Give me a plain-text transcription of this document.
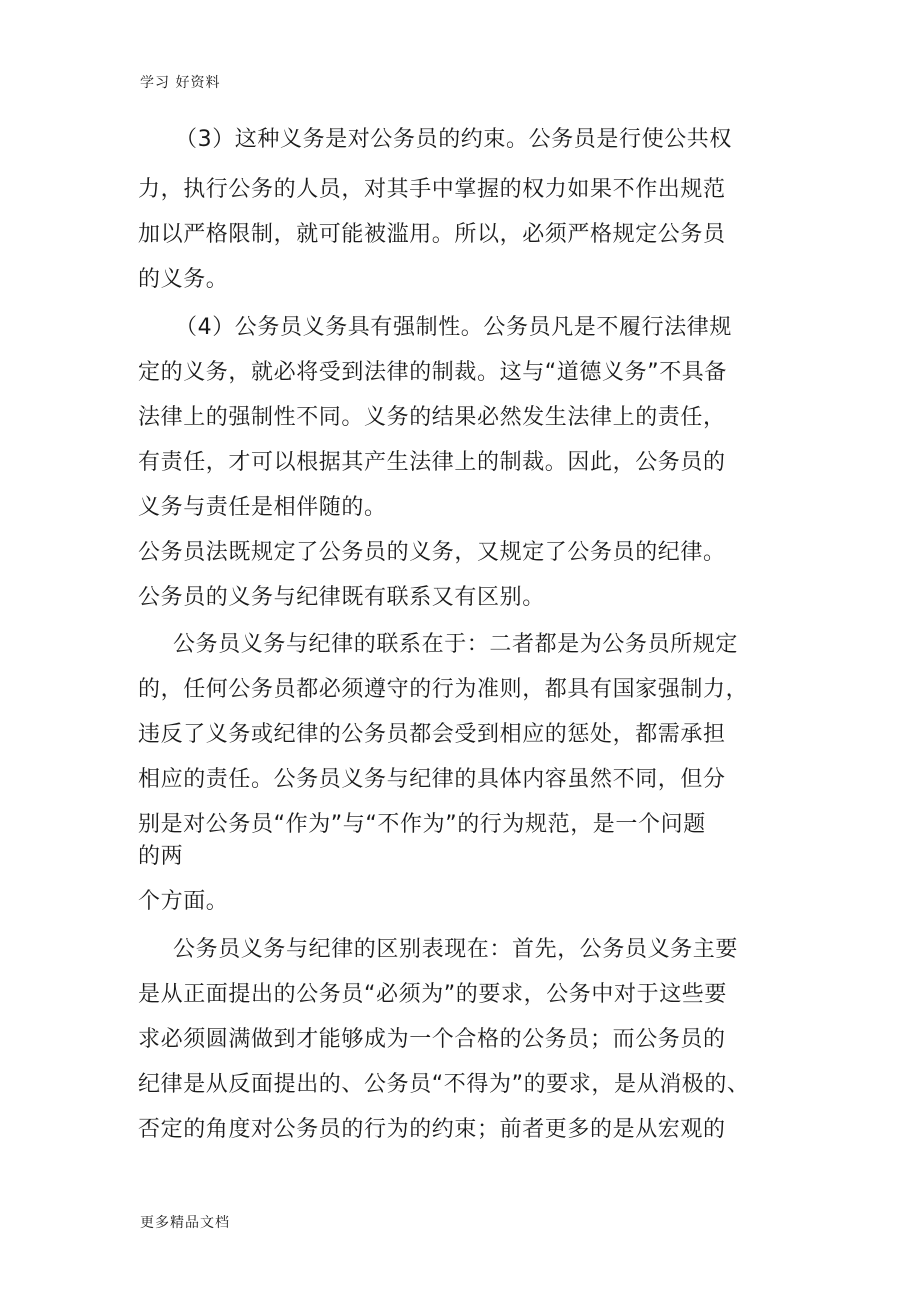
学习 好资料
（3）这种义务是对公务员的约束。公务员是行使公共权
力，执行公务的人员，对其手中掌握的权力如果不作出规范
加以严格限制，就可能被滥用。所以，必须严格规定公务员
的义务。
（4）公务员义务具有强制性。公务员凡是不履行法律规
定的义务，就必将受到法律的制裁。这与“道德义务”不具备
法律上的强制性不同。义务的结果必然发生法律上的责任，
有责任，才可以根据其产生法律上的制裁。因此，公务员的
义务与责任是相伴随的。
公务员法既规定了公务员的义务，又规定了公务员的纪律。
公务员的义务与纪律既有联系又有区别。
公务员义务与纪律的联系在于：二者都是为公务员所规定
的，任何公务员都必须遵守的行为准则，都具有国家强制力，
违反了义务或纪律的公务员都会受到相应的惩处，都需承担
相应的责任。公务员义务与纪律的具体内容虽然不同，但分
别是对公务员“作为”与“不作为”的行为规范，是一个问题
的两
个方面。
公务员义务与纪律的区别表现在：首先，公务员义务主要
是从正面提出的公务员“必须为”的要求，公务中对于这些要
求必须圆满做到才能够成为一个合格的公务员；而公务员的
纪律是从反面提出的、公务员“不得为”的要求，是从消极的、
否定的角度对公务员的行为的约束；前者更多的是从宏观的
更多精品文档
